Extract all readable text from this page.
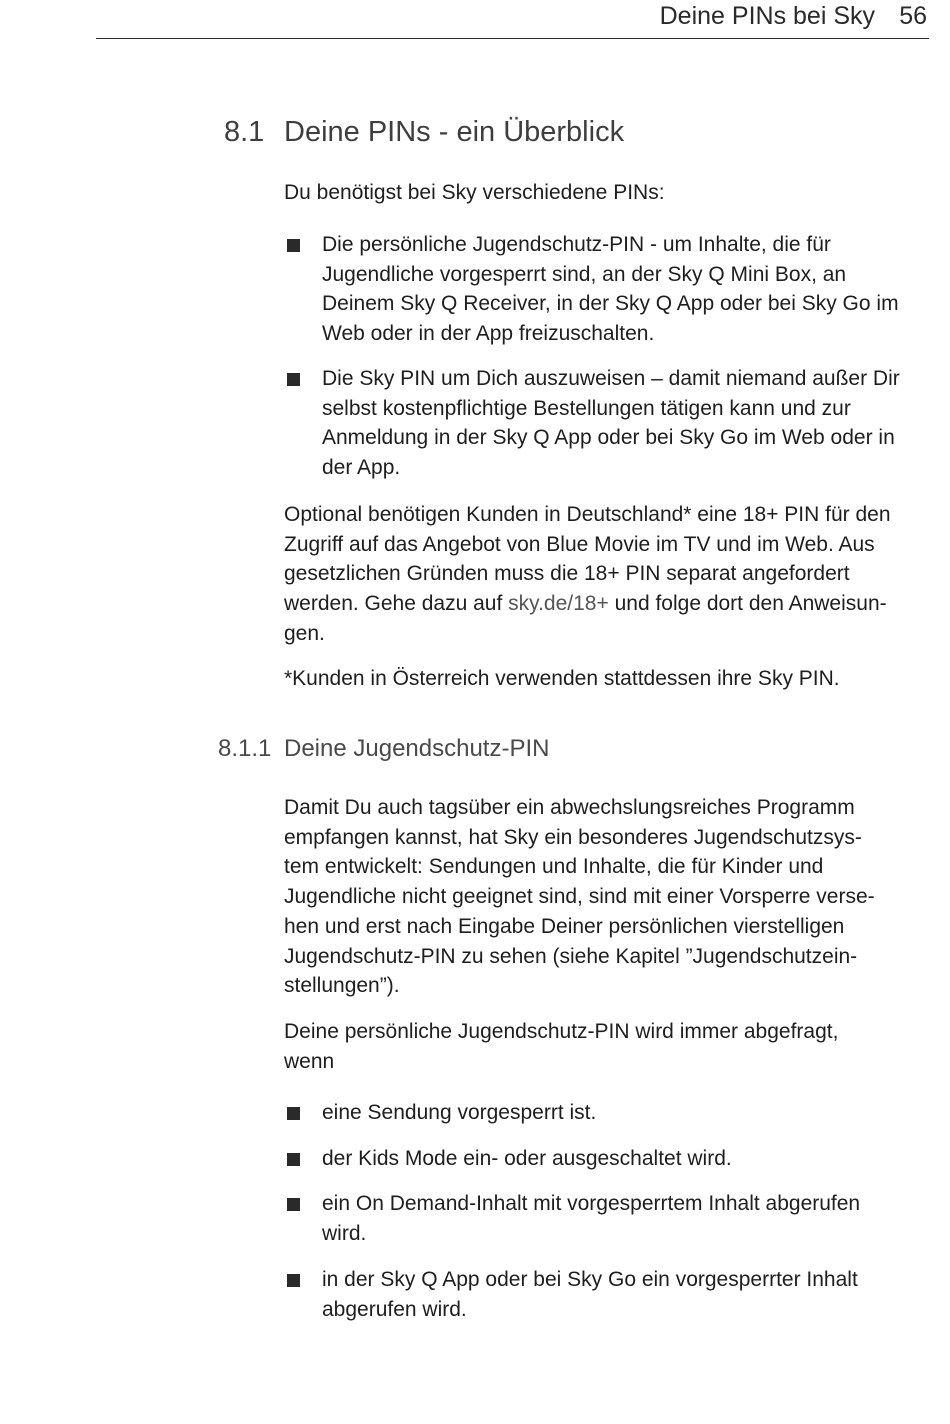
Deine PINs bei Sky 56
8.1 Deine PINs - ein Überblick

Du benötigst bei Sky verschiedene PINs:

Die persönliche Jugendschutz-PIN - um Inhalte, die für
Jugendliche vorgesperrt sind, an der Sky Q Mini Box, an
Deinem Sky Q Receiver, in der Sky Q App oder bei Sky Go im
Web oder in der App freizuschalten.

Die Sky PIN um Dich auszuweisen – damit niemand außer Dir
selbst kostenpflichtige Bestellungen tätigen kann und zur
Anmeldung in der Sky Q App oder bei Sky Go im Web oder in
der App.

Optional benötigen Kunden in Deutschland* eine 18+ PIN für den
Zugriff auf das Angebot von Blue Movie im TV und im Web. Aus
gesetzlichen Gründen muss die 18+ PIN separat angefordert
werden. Gehe dazu auf sky.de/18+ und folge dort den Anweisun-
gen.

*Kunden in Österreich verwenden stattdessen ihre Sky PIN.

8.1.1 Deine Jugendschutz-PIN

Damit Du auch tagsüber ein abwechslungsreiches Programm
empfangen kannst, hat Sky ein besonderes Jugendschutzsys-
tem entwickelt: Sendungen und Inhalte, die für Kinder und
Jugendliche nicht geeignet sind, sind mit einer Vorsperre verse-
hen und erst nach Eingabe Deiner persönlichen vierstelligen
Jugendschutz-PIN zu sehen (siehe Kapitel ”Jugendschutzein-
stellungen”).

Deine persönliche Jugendschutz-PIN wird immer abgefragt,
wenn

eine Sendung vorgesperrt ist.

der Kids Mode ein- oder ausgeschaltet wird.

ein On Demand-Inhalt mit vorgesperrtem Inhalt abgerufen
wird.

in der Sky Q App oder bei Sky Go ein vorgesperrter Inhalt
abgerufen wird.
